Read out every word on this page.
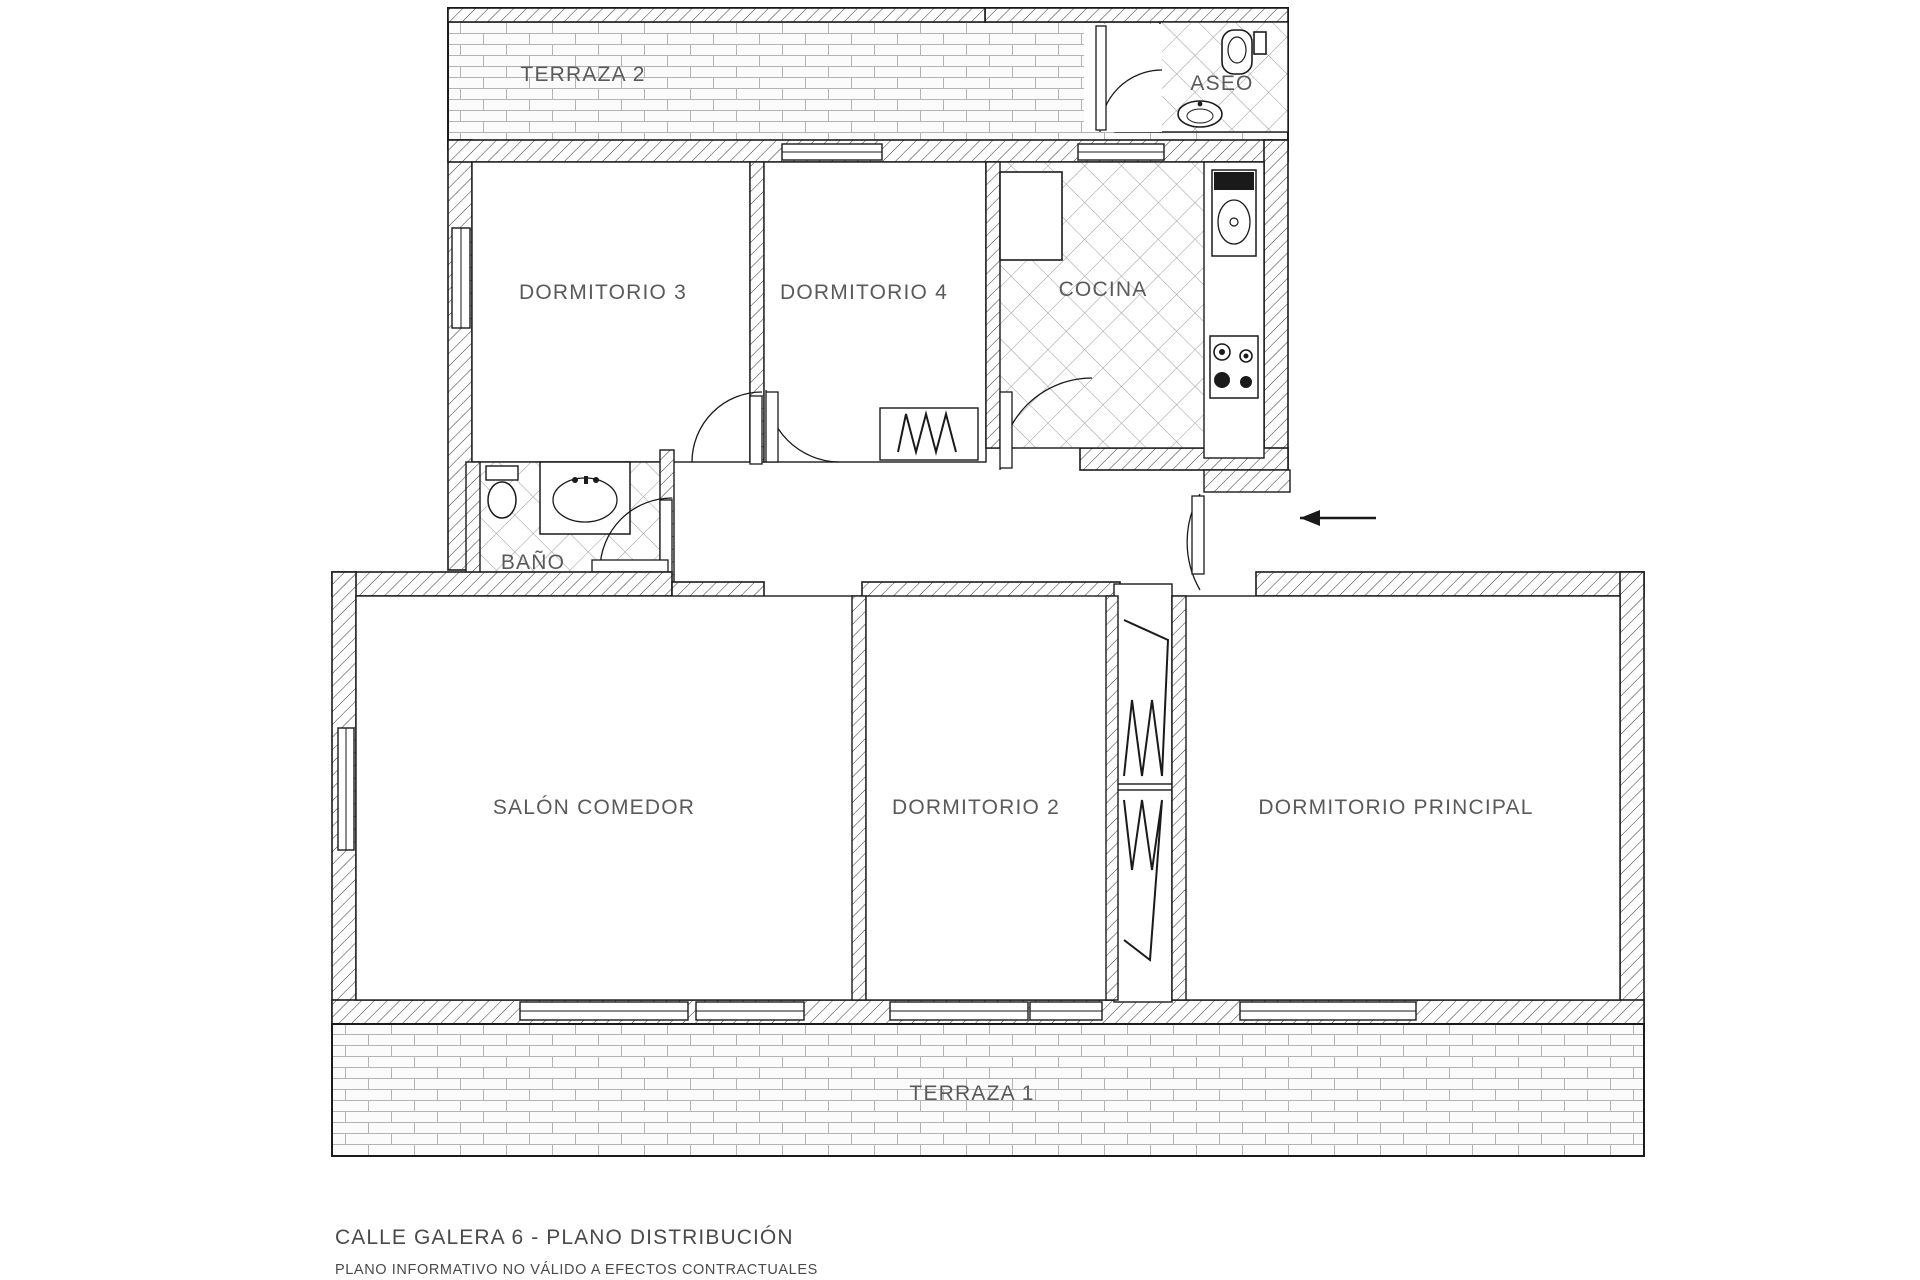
TERRAZA 2	ASEO
DORMITORIO 3	DORMITORIO 4	COCINA
BAÑO
SALÓN COMEDOR	DORMITORIO 2	DORMITORIO PRINCIPAL
TERRAZA 1
CALLE GALERA 6 - PLANO DISTRIBUCIÓN
PLANO INFORMATIVO NO VÁLIDO A EFECTOS CONTRACTUALES
